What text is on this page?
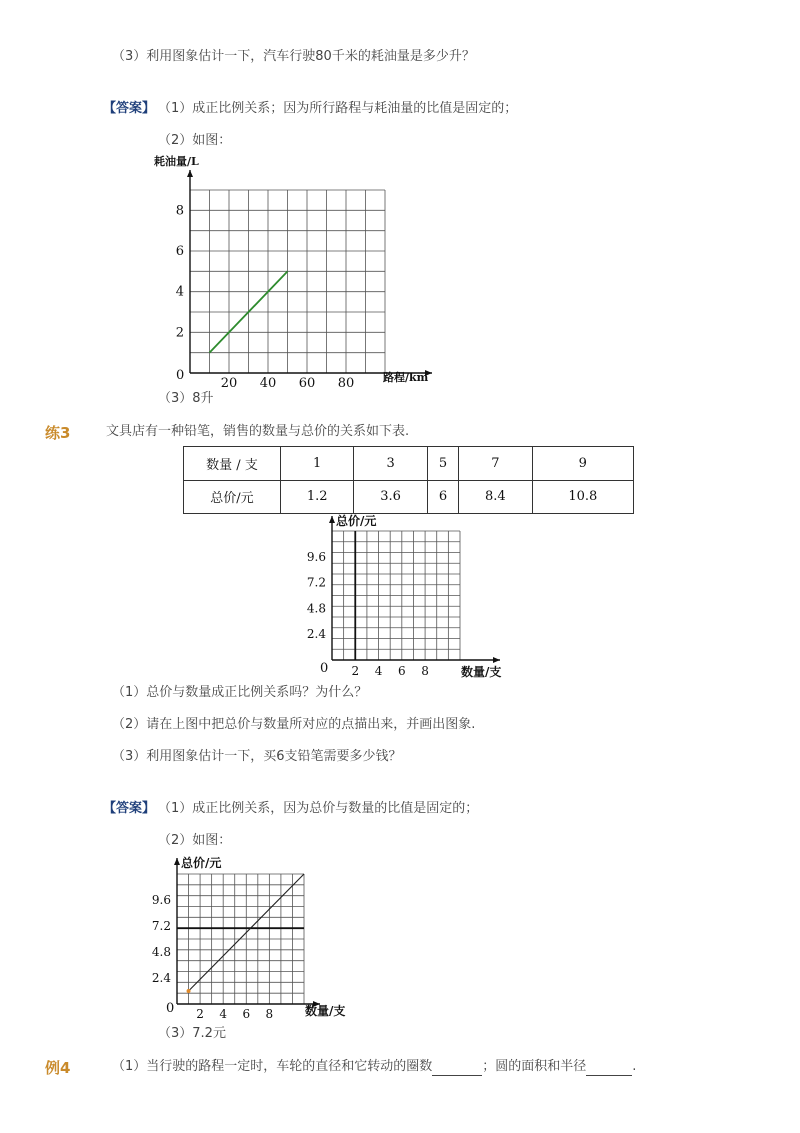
（3）利用图象估计一下，汽车行驶80千米的耗油量是多少升？
【答案】 （1）成正比例关系；因为所行路程与耗油量的比值是固定的；
（2）如图：
耗油量/L
路程/km
0
2
4
6
8
20 40 60 80
（3）8升
练3	文具店有一种铅笔，销售的数量与总价的关系如下表.
数量 / 支	1	3	5	7	9
总价/元	1.2	3.6	6	8.4	10.8
总价/元
数量/支
0
2.4
4.8
7.2
9.6
2 4 6 8
（1）总价与数量成正比例关系吗？为什么？
（2）请在上图中把总价与数量所对应的点描出来，并画出图象.
（3）利用图象估计一下，买6支铅笔需要多少钱？
【答案】 （1）成正比例关系，因为总价与数量的比值是固定的；
（2）如图：
总价/元
数量/支
0
2.4
4.8
7.2
9.6
2 4 6 8
（3）7.2元
例4	（1）当行驶的路程一定时，车轮的直径和它转动的圈数	；圆的面积和半径	.
